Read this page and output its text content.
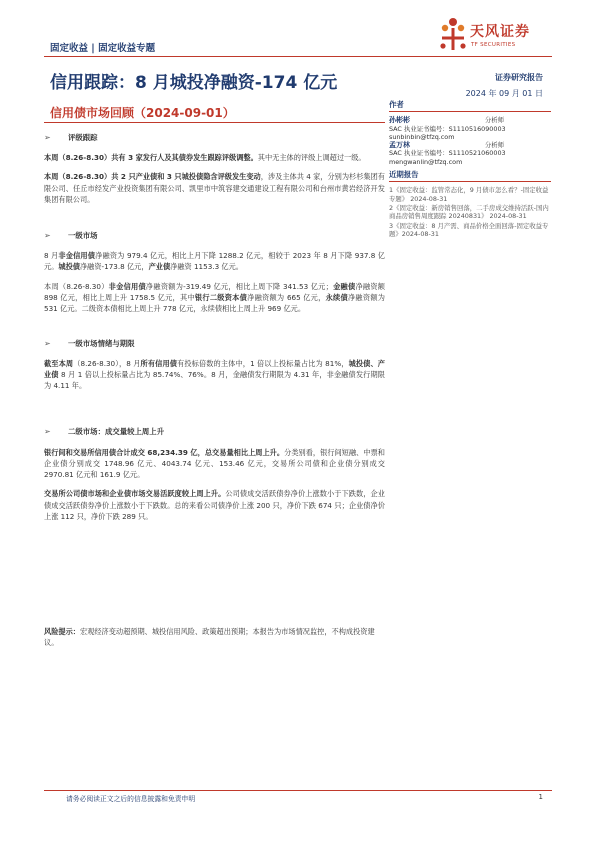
固定收益 | 固定收益专题
天风证券
TF SECURITIES
信用跟踪：8 月城投净融资-174 亿元	证券研究报告
2024 年 09 月 01 日
信用债市场回顾（2024-09-01）
➢	评级跟踪
本周（8.26-8.30）共有 3 家发行人及其债券发生跟踪评级调整。其中无主体的评级上调超过一级。
本周（8.26-8.30）共 2 只产业债和 3 只城投债隐含评级发生变动，涉及主体共 4 家，分别为杉杉集团有限公司、任丘市经发产业投资集团有限公司、凯里市中筑容建交通建设工程有限公司和台州市黄岩经济开发集团有限公司。
➢	一级市场
8 月非金信用债净融资为 979.4 亿元，相比上月下降 1288.2 亿元，相较于 2023 年 8 月下降 937.8 亿元。城投债净融资-173.8 亿元，产业债净融资 1153.3 亿元。
本周（8.26-8.30）非金信用债净融资额为-319.49 亿元，相比上周下降 341.53 亿元；金融债净融资额 898 亿元，相比上周上升 1758.5 亿元，其中银行二级资本债净融资额为 665 亿元，永续债净融资额为 531 亿元。二级资本债相比上周上升 778 亿元，永续债相比上周上升 969 亿元。
➢	一级市场情绪与期限
截至本周（8.26-8.30），8 月所有信用债有投标倍数的主体中，1 倍以上投标量占比为 81%，城投债、产业债 8 月 1 倍以上投标量占比为 85.74%、76%。8 月，金融债发行期限为 4.31 年，非金融债发行期限为 4.11 年。
➢	二级市场：成交量较上周上升
银行间和交易所信用债合计成交 68,234.39 亿，总交易量相比上周上升。分类别看，银行间短融、中票和企业债分别成交 1748.96 亿元、4043.74 亿元、153.46 亿元，交易所公司债和企业债分别成交 2970.81 亿元和 161.9 亿元。
交易所公司债市场和企业债市场交易活跃度较上周上升。公司债成交活跃债券净价上涨数小于下跌数，企业债成交活跃债券净价上涨数小于下跌数。总的来看公司债净价上涨 200 只，净价下跌 674 只；企业债净价上涨 112 只，净价下跌 289 只。
作者
孙彬彬	分析师
SAC 执业证书编号：S1110516090003
sunbinbin@tfzq.com
孟万林	分析师
SAC 执业证书编号：S1110521060003
mengwanlin@tfzq.com
近期报告
1《固定收益：监管常态化，9 月债市怎么看？-固定收益专题》 2024-08-31
2《固定收益：新房销售回落，二手房成交维持活跃-国内商品房销售周度跟踪 20240831》 2024-08-31
3《固定收益：8 月产需、商品价格全面回落-固定收益专题》2024-08-31
风险提示：宏观经济变动超预期、城投信用风险、政策超出预期；本报告为市场情况监控，不构成投资建议。
请务必阅读正文之后的信息披露和免责申明	1
